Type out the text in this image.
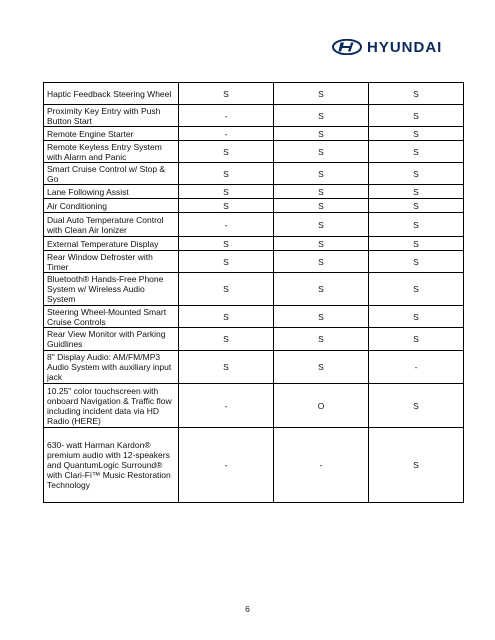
HYUNDAI
Haptic Feedback Steering Wheel	S	S	S
Proximity Key Entry with Push Button Start	-	S	S
Remote Engine Starter	-	S	S
Remote Keyless Entry System with Alarm and Panic	S	S	S
Smart Cruise Control w/ Stop & Go	S	S	S
Lane Following Assist	S	S	S
Air Conditioning	S	S	S
Dual Auto Temperature Control with Clean Air Ionizer	-	S	S
External Temperature Display	S	S	S
Rear Window Defroster with Timer	S	S	S
Bluetooth® Hands-Free Phone System w/ Wireless Audio System	S	S	S
Steering Wheel-Mounted Smart Cruise Controls	S	S	S
Rear View Monitor with Parking Guidlines	S	S	S
8" Display Audio: AM/FM/MP3 Audio System with auxiliary input jack	S	S	-
10.25" color touchscreen with onboard Navigation & Traffic flow including incident data via HD Radio (HERE)	-	O	S
630- watt Harman Kardon® premium audio with 12-speakers and QuantumLogic Surround® with Clari-Fi™ Music Restoration Technology	-	-	S
6
